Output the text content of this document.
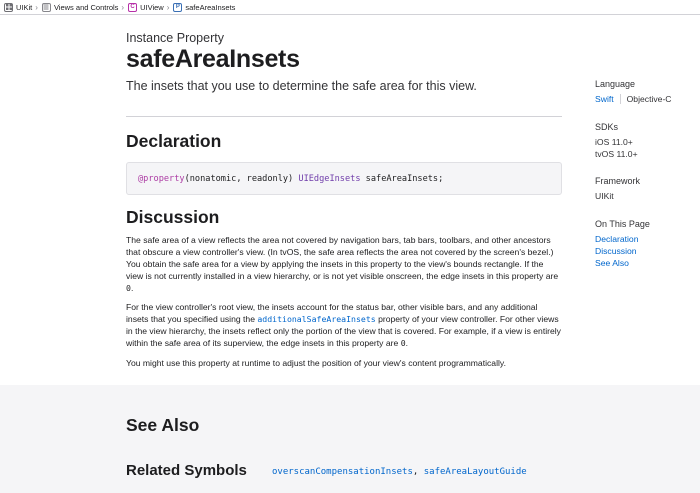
UIKit › Views and Controls ›	C UIView ›	P safeAreaInsets
Instance Property
safeAreaInsets
The insets that you use to determine the safe area for this view.
Declaration
@property (nonatomic, readonly) UIEdgeInsets safeAreaInsets;
Discussion

The safe area of a view reflects the area not covered by navigation bars, tab bars, toolbars, and other ancestors that obscure a view controller's view. (In tvOS, the safe area reflects the area not covered by the screen's bezel.) You obtain the safe area for a view by applying the insets in this property to the view's bounds rectangle. If the view is not currently installed in a view hierarchy, or is not yet visible onscreen, the edge insets in this property are 0.

For the view controller's root view, the insets account for the status bar, other visible bars, and any additional insets that you specified using the additionalSafeAreaInsets property of your view controller. For other views in the view hierarchy, the insets reflect only the portion of the view that is covered. For example, if a view is entirely within the safe area of its superview, the edge insets in this property are 0.

You might use this property at runtime to adjust the position of your view's content programmatically.

Language
Swift Objective-C
SDKs
iOS 11.0+
tvOS 11.0+
Framework
UIKit
On This Page
Declaration
Discussion
See Also
See Also
Related Symbols	overscanCompensationInsets, safeAreaLayoutGuide
